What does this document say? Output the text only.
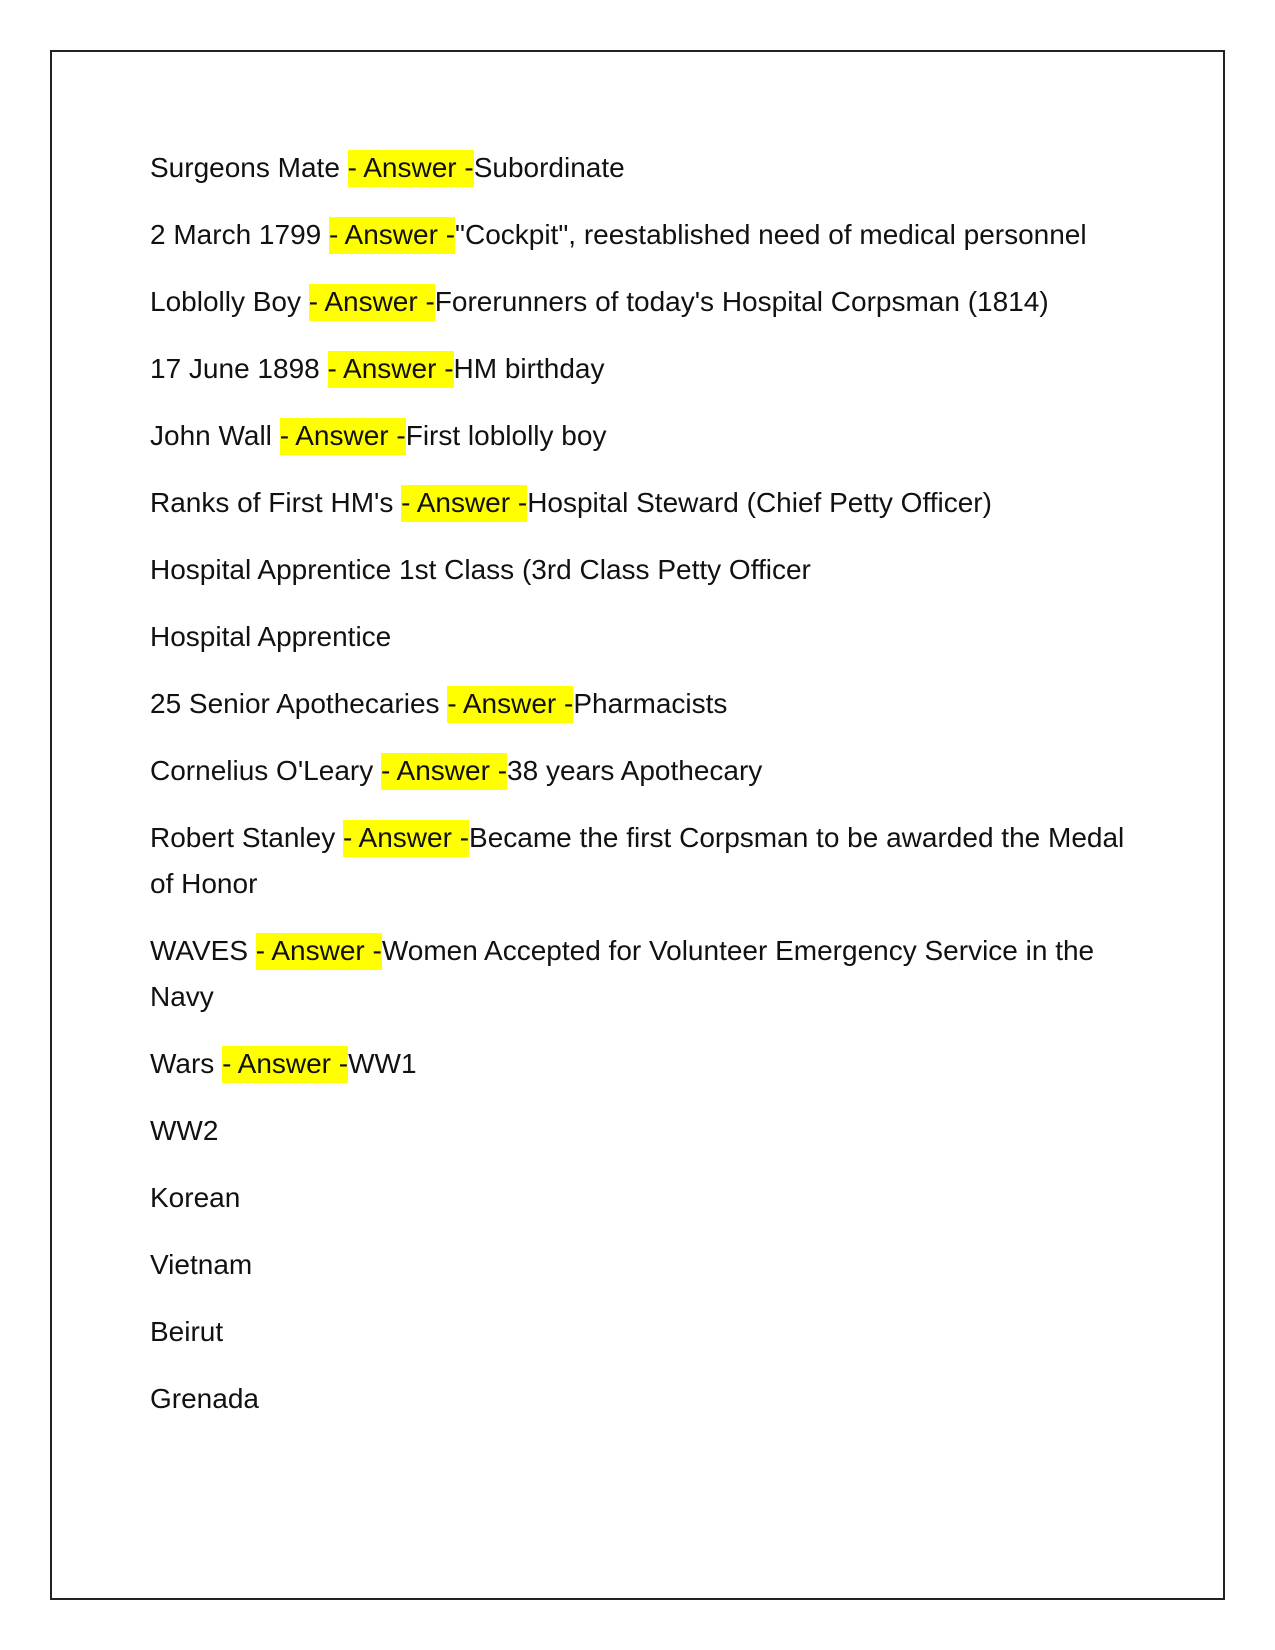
Surgeons Mate - Answer -Subordinate

2 March 1799 - Answer -"Cockpit", reestablished need of medical personnel

Loblolly Boy - Answer -Forerunners of today's Hospital Corpsman (1814)

17 June 1898 - Answer -HM birthday

John Wall - Answer -First loblolly boy

Ranks of First HM's - Answer -Hospital Steward (Chief Petty Officer)

Hospital Apprentice 1st Class (3rd Class Petty Officer

Hospital Apprentice

25 Senior Apothecaries - Answer -Pharmacists

Cornelius O'Leary - Answer -38 years Apothecary

Robert Stanley - Answer -Became the first Corpsman to be awarded the Medal of Honor

WAVES - Answer -Women Accepted for Volunteer Emergency Service in the Navy

Wars - Answer -WW1

WW2

Korean

Vietnam

Beirut

Grenada
